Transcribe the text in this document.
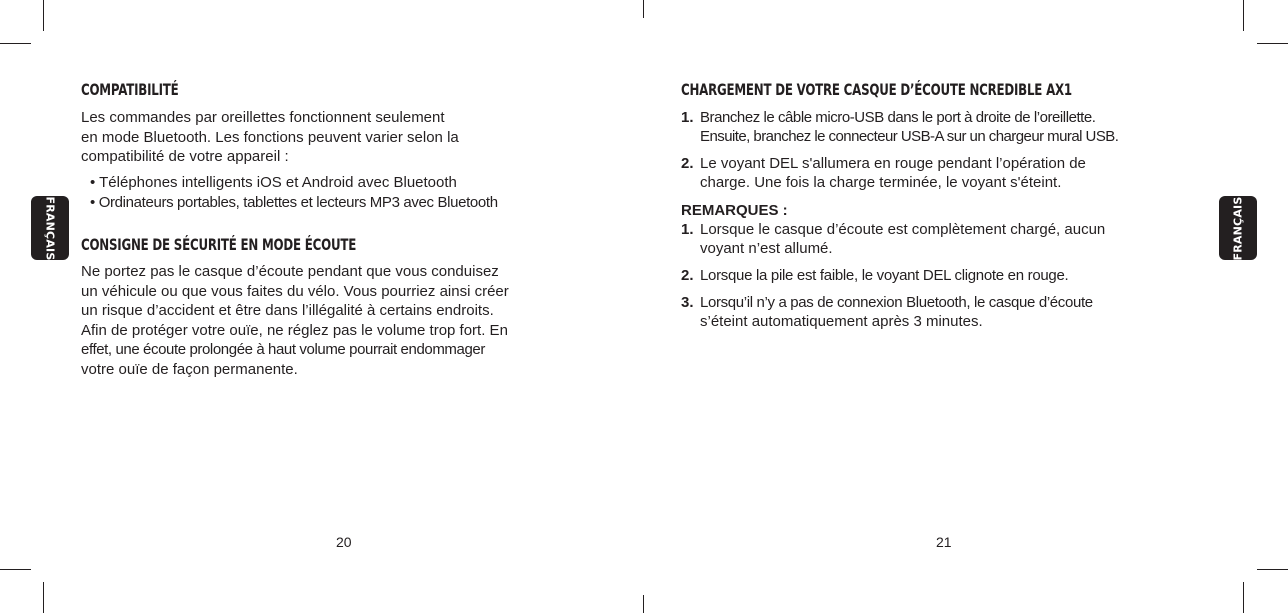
COMPATIBILITÉ

Les commandes par oreillettes fonctionnent seulement
en mode Bluetooth. Les fonctions peuvent varier selon la
compatibilité de votre appareil :

• Téléphones intelligents iOS et Android avec Bluetooth
• Ordinateurs portables, tablettes et lecteurs MP3 avec Bluetooth
CONSIGNE DE SÉCURITÉ EN MODE ÉCOUTE

Ne portez pas le casque d’écoute pendant que vous conduisez
un véhicule ou que vous faites du vélo. Vous pourriez ainsi créer
un risque d’accident et être dans l’illégalité à certains endroits.
Afin de protéger votre ouïe, ne réglez pas le volume trop fort. En
effet, une écoute prolongée à haut volume pourrait endommager
votre ouïe de façon permanente.

20
FRANÇAIS
CHARGEMENT DE VOTRE CASQUE D’ÉCOUTE NCREDIBLE AX1
1. Branchez le câble micro-USB dans le port à droite de l’oreillette.
Ensuite, branchez le connecteur USB-A sur un chargeur mural USB.
2. Le voyant DEL s'allumera en rouge pendant l’opération de
charge. Une fois la charge terminée, le voyant s'éteint.

REMARQUES :

1. Lorsque le casque d’écoute est complètement chargé, aucun
voyant n’est allumé.
2. Lorsque la pile est faible, le voyant DEL clignote en rouge.
3. Lorsqu’il n’y a pas de connexion Bluetooth, le casque d’écoute
s’éteint automatiquement après 3 minutes.
21
FRANÇAIS
